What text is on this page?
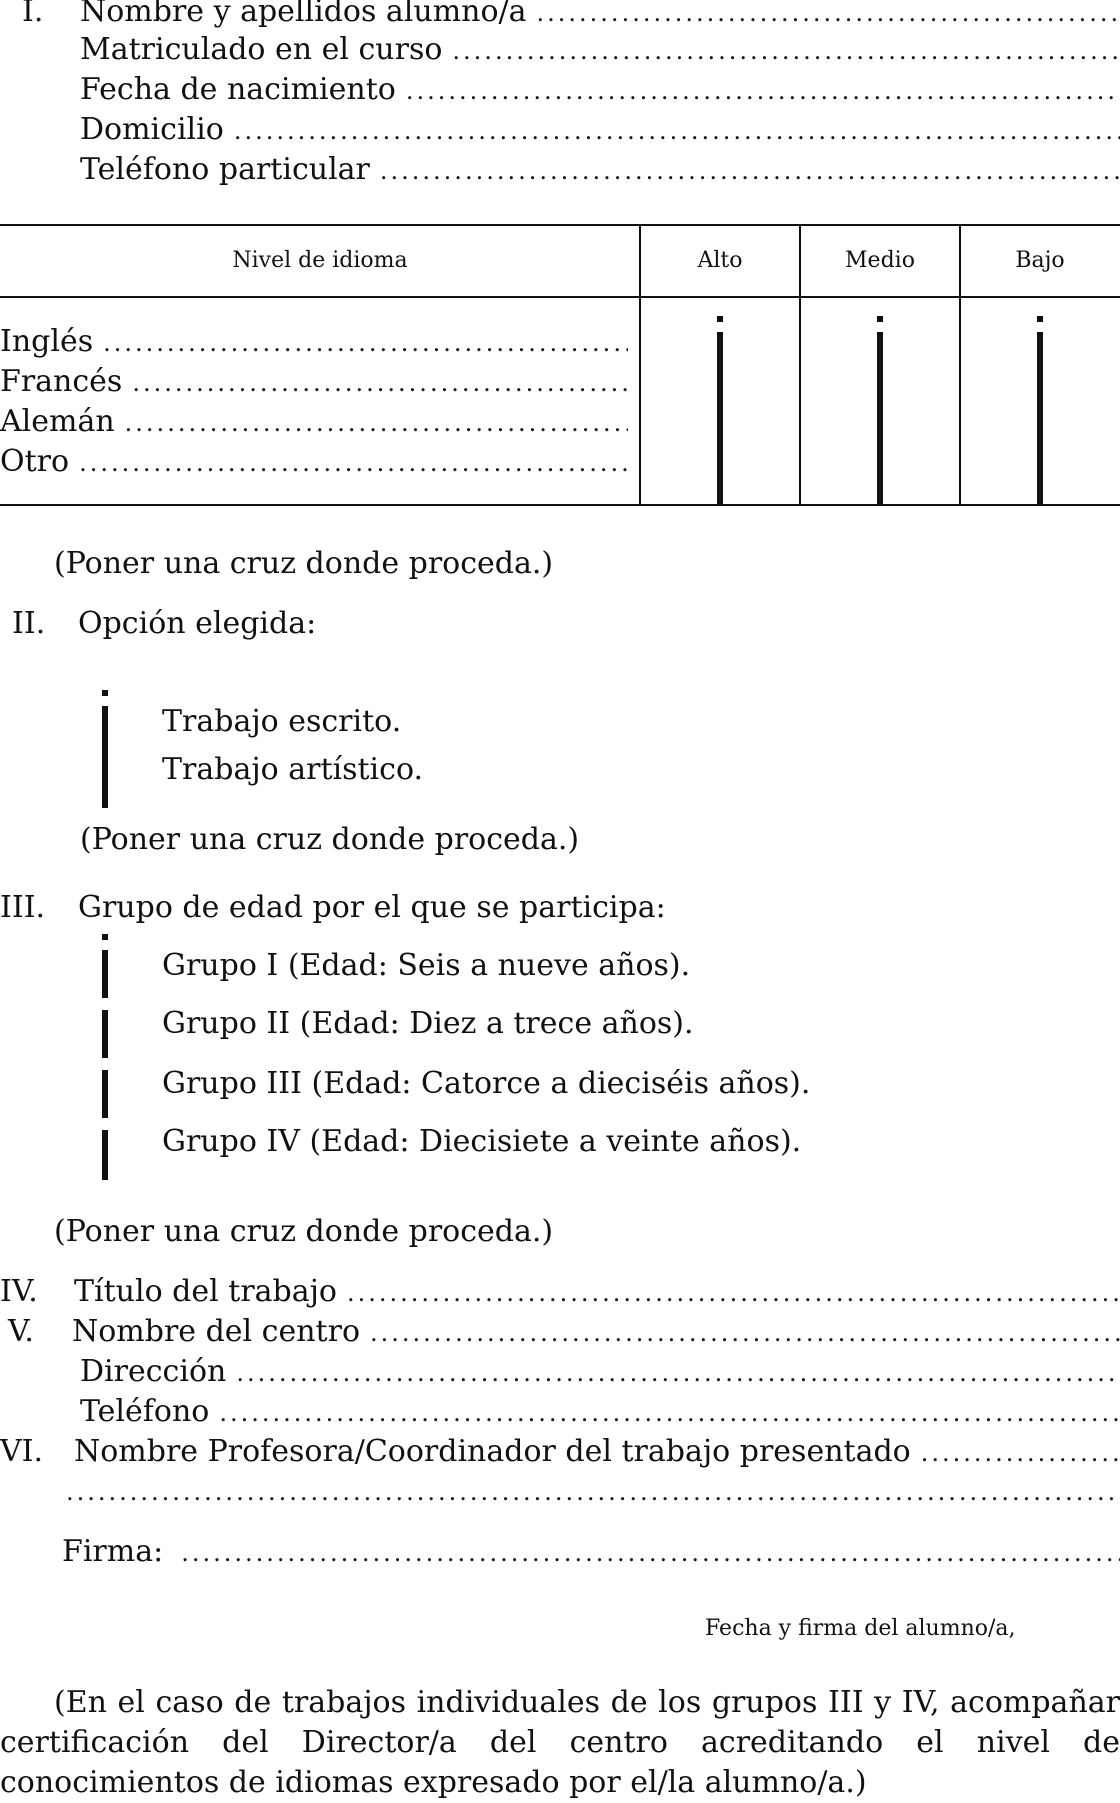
I.	Nombre y apellidos alumno/a
.....
Matriculado en el curso
.....
Fecha de nacimiento
.....
Domicilio
.....
Teléfono particular
.....
Nivel de idioma	Alto	Medio	Bajo
Inglés
.....
Francés
.....
Alemán
.....
Otro
.....
(Poner una cruz donde proceda.)
II. Opción elegida:
Trabajo escrito.
Trabajo artístico.
(Poner una cruz donde proceda.)
III. Grupo de edad por el que se participa:
Grupo I (Edad: Seis a nueve años).
Grupo II (Edad: Diez a trece años).
Grupo III (Edad: Catorce a dieciséis años).
Grupo IV (Edad: Diecisiete a veinte años).
(Poner una cruz donde proceda.)
IV.	Título del trabajo
.....
V.	Nombre del centro
.....
Dirección
.....
Teléfono
.....
VI.	Nombre Profesora/Coordinador del trabajo presentado
.....
.....
Firma:
.....
Fecha y firma del alumno/a,
(En el caso de trabajos individuales de los grupos III y IV, acompañar certificación del Director/a del centro acreditando el nivel de conocimientos de idiomas expresado por el/la alumno/a.)
